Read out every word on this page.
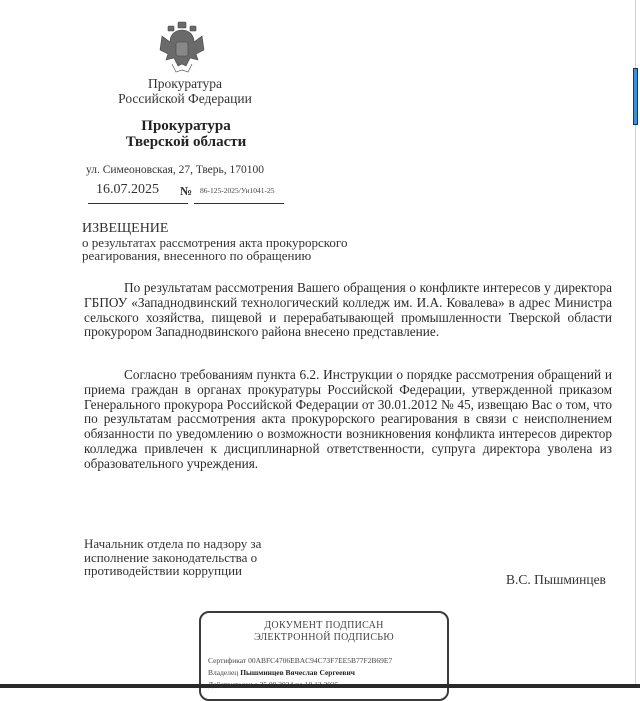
Прокуратура
Российской Федерации
Прокуратура
Тверской области
ул. Симеоновская, 27, Тверь, 170100
16.07.2025 № 86-125-2025/Уи1041-25
ИЗВЕЩЕНИЕ
о результатах рассмотрения акта прокурорского реагирования, внесенного по обращению

По результатам рассмотрения Вашего обращения о конфликте интересов у директора ГБПОУ «Западнодвинский технологический колледж им. И.А. Ковалева» в адрес Министра сельского хозяйства, пищевой и перерабатывающей промышленности Тверской области прокурором Западнодвинского района внесено представление.

Согласно требованиям пункта 6.2. Инструкции о порядке рассмотрения обращений и приема граждан в органах прокуратуры Российской Федерации, утвержденной приказом Генерального прокурора Российской Федерации от 30.01.2012 № 45, извещаю Вас о том, что по результатам рассмотрения акта прокурорского реагирования в связи с неисполнением обязанности по уведомлению о возможности возникновения конфликта интересов директор колледжа привлечен к дисциплинарной ответственности, супруга директора уволена из образовательного учреждения.

Начальник отдела по надзору за исполнение законодательства о противодействии коррупции
В.С. Пышминцев
ДОКУМЕНТ ПОДПИСАН
ЭЛЕКТРОННОЙ ПОДПИСЬЮ
Сертификат 00ABFC4706EBAC94C73F7EE5B77F2B69E7
Владелец Пышминцев Вячеслав Сергеевич
